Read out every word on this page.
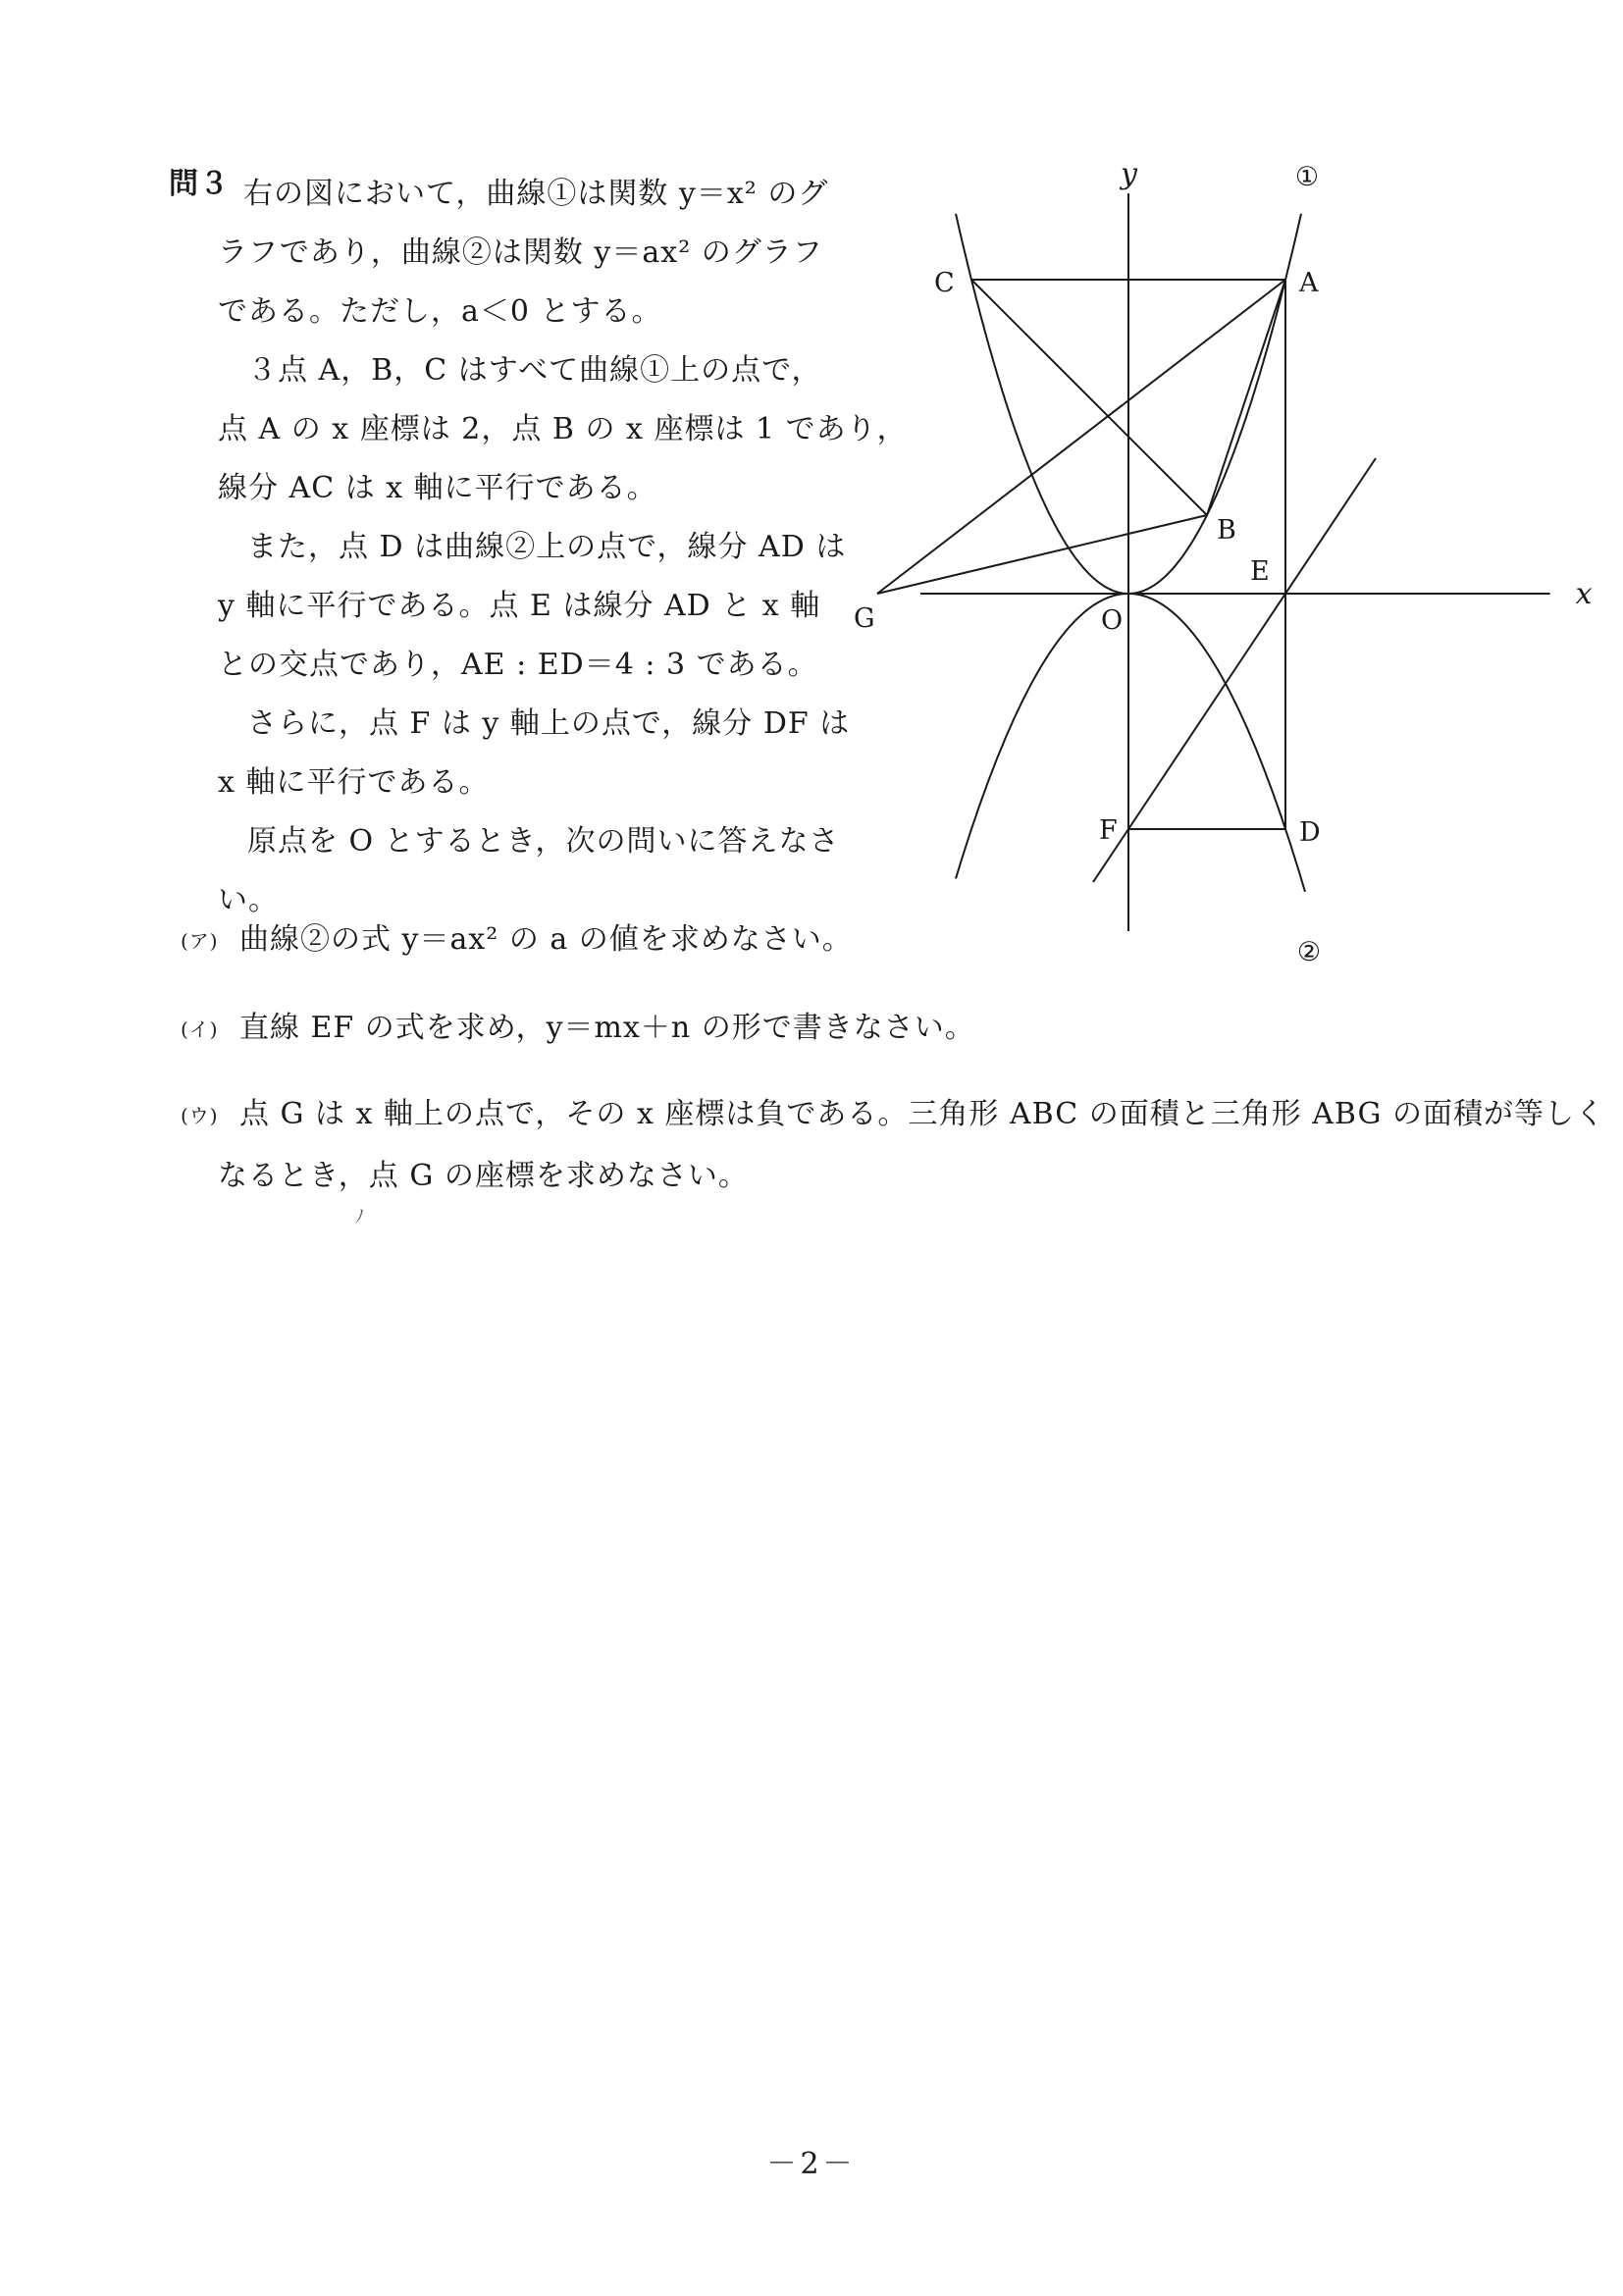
問３ 右の図において，曲線①は関数 y＝x² のグ
ラフであり，曲線②は関数 y＝ax² のグラフ
である。ただし，a＜0 とする。
３点 A，B，C はすべて曲線①上の点で，
点 A の x 座標は 2，点 B の x 座標は 1 であり，
線分 AC は x 軸に平行である。
また，点 D は曲線②上の点で，線分 AD は
y 軸に平行である。点 E は線分 AD と x 軸
との交点であり，AE : ED＝4 : 3 である。
さらに，点 F は y 軸上の点で，線分 DF は
x 軸に平行である。
原点を O とするとき，次の問いに答えなさ
い。
A
B
C
D
E
F
G	O
x
y	①
②
(ア) 曲線②の式 y＝ax² の a の値を求めなさい。
(イ) 直線 EF の式を求め，y＝mx＋n の形で書きなさい。
(ウ) 点 G は x 軸上の点で，その x 座標は負である。三角形 ABC の面積と三角形 ABG の面積が等しく
なるとき，点 G の座標を求めなさい。
ﾉ
－2－
